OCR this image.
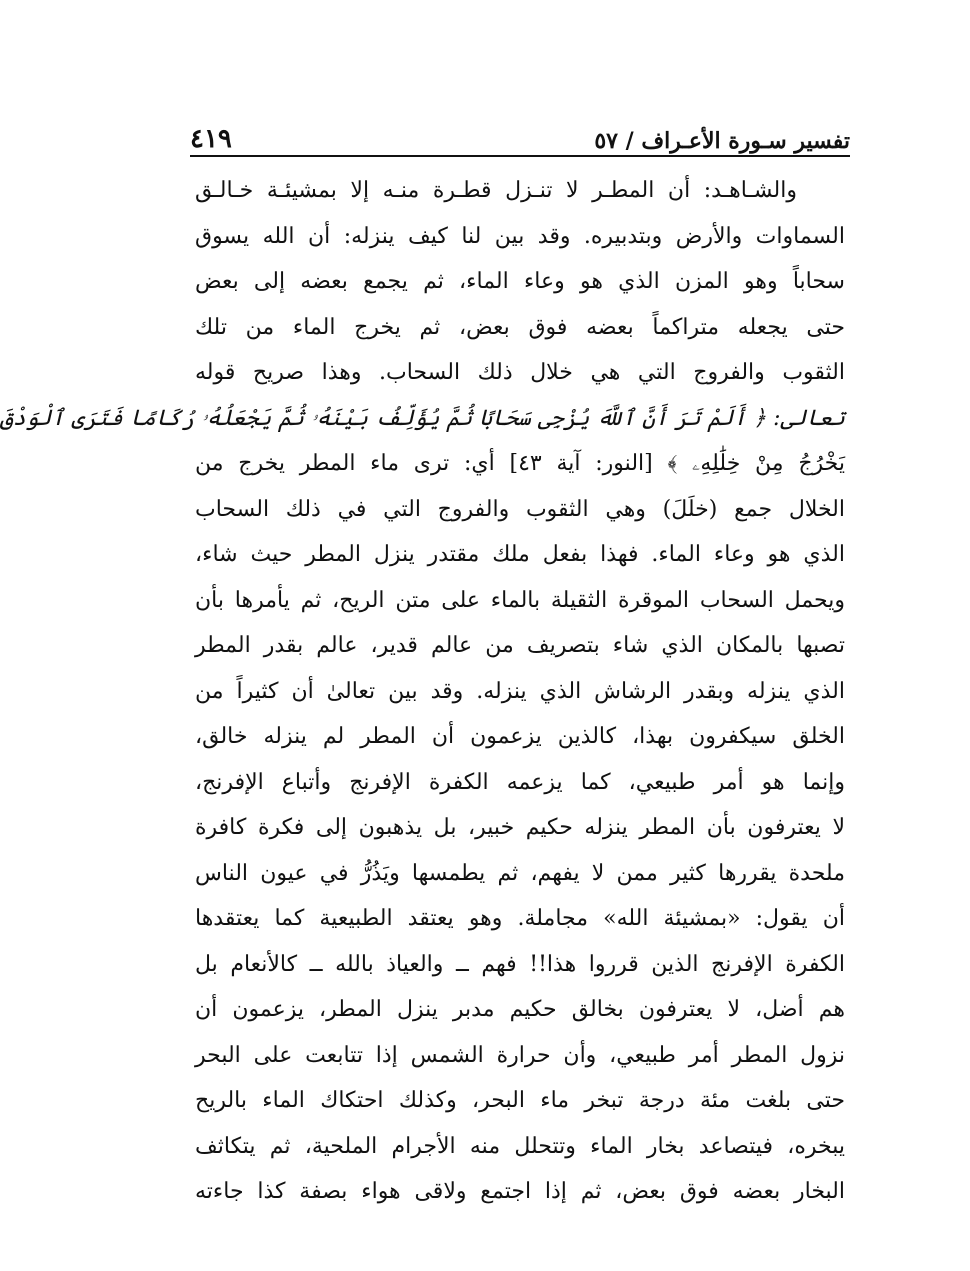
تفسير سـورة الأعـراف / ٥٧
٤١٩
والشـاهـد: أن المطـر لا تنـزل قطـرة منـه إلا بمشيئـة خـالـق
السماوات والأرض وبتدبيره. وقد بين لنا كيف ينزله: أن الله يسوق
سحاباً وهو المزن الذي هو وعاء الماء، ثم يجمع بعضه إلى بعض
حتى يجعله متراكماً بعضه فوق بعض، ثم يخرج الماء من تلك
الثقوب والفروج التي هي خلال ذلك السحاب. وهذا صريح قوله
تعالى: ﴿ أَلَمْ تَرَ أَنَّ ٱللَّهَ يُزْجِى سَحَابًا ثُمَّ يُؤَلِّفُ بَيْنَهُۥ ثُمَّ يَجْعَلُهُۥ رُكَامًا فَتَرَى ٱلْوَدْقَ
يَخْرُجُ مِنْ خِلَٰلِهِۦ ﴾ [النور: آية ٤٣] أي: ترى ماء المطر يخرج من
الخلال جمع (خلَلَ) وهي الثقوب والفروج التي في ذلك السحاب
الذي هو وعاء الماء. فهذا بفعل ملك مقتدر ينزل المطر حيث شاء،
ويحمل السحاب الموقرة الثقيلة بالماء على متن الريح، ثم يأمرها بأن
تصبها بالمكان الذي شاء بتصريف من عالم قدير، عالم بقدر المطر
الذي ينزله وبقدر الرشاش الذي ينزله. وقد بين تعالىٰ أن كثيراً من
الخلق سيكفرون بهذا، كالذين يزعمون أن المطر لم ينزله خالق،
وإنما هو أمر طبيعي، كما يزعمه الكفرة الإفرنج وأتباع الإفرنج،
لا يعترفون بأن المطر ينزله حكيم خبير، بل يذهبون إلى فكرة كافرة
ملحدة يقررها كثير ممن لا يفهم، ثم يطمسها ويَذُرُّ في عيون الناس
أن يقول: «بمشيئة الله» مجاملة. وهو يعتقد الطبيعية كما يعتقدها
الكفرة الإفرنج الذين قرروا هذا!! فهم ــ والعياذ بالله ــ كالأنعام بل
هم أضل، لا يعترفون بخالق حكيم مدبر ينزل المطر، يزعمون أن
نزول المطر أمر طبيعي، وأن حرارة الشمس إذا تتابعت على البحر
حتى بلغت مئة درجة تبخر ماء البحر، وكذلك احتكاك الماء بالريح
يبخره، فيتصاعد بخار الماء وتتحلل منه الأجرام الملحية، ثم يتكاثف
البخار بعضه فوق بعض، ثم إذا اجتمع ولاقى هواء بصفة كذا جاءته
